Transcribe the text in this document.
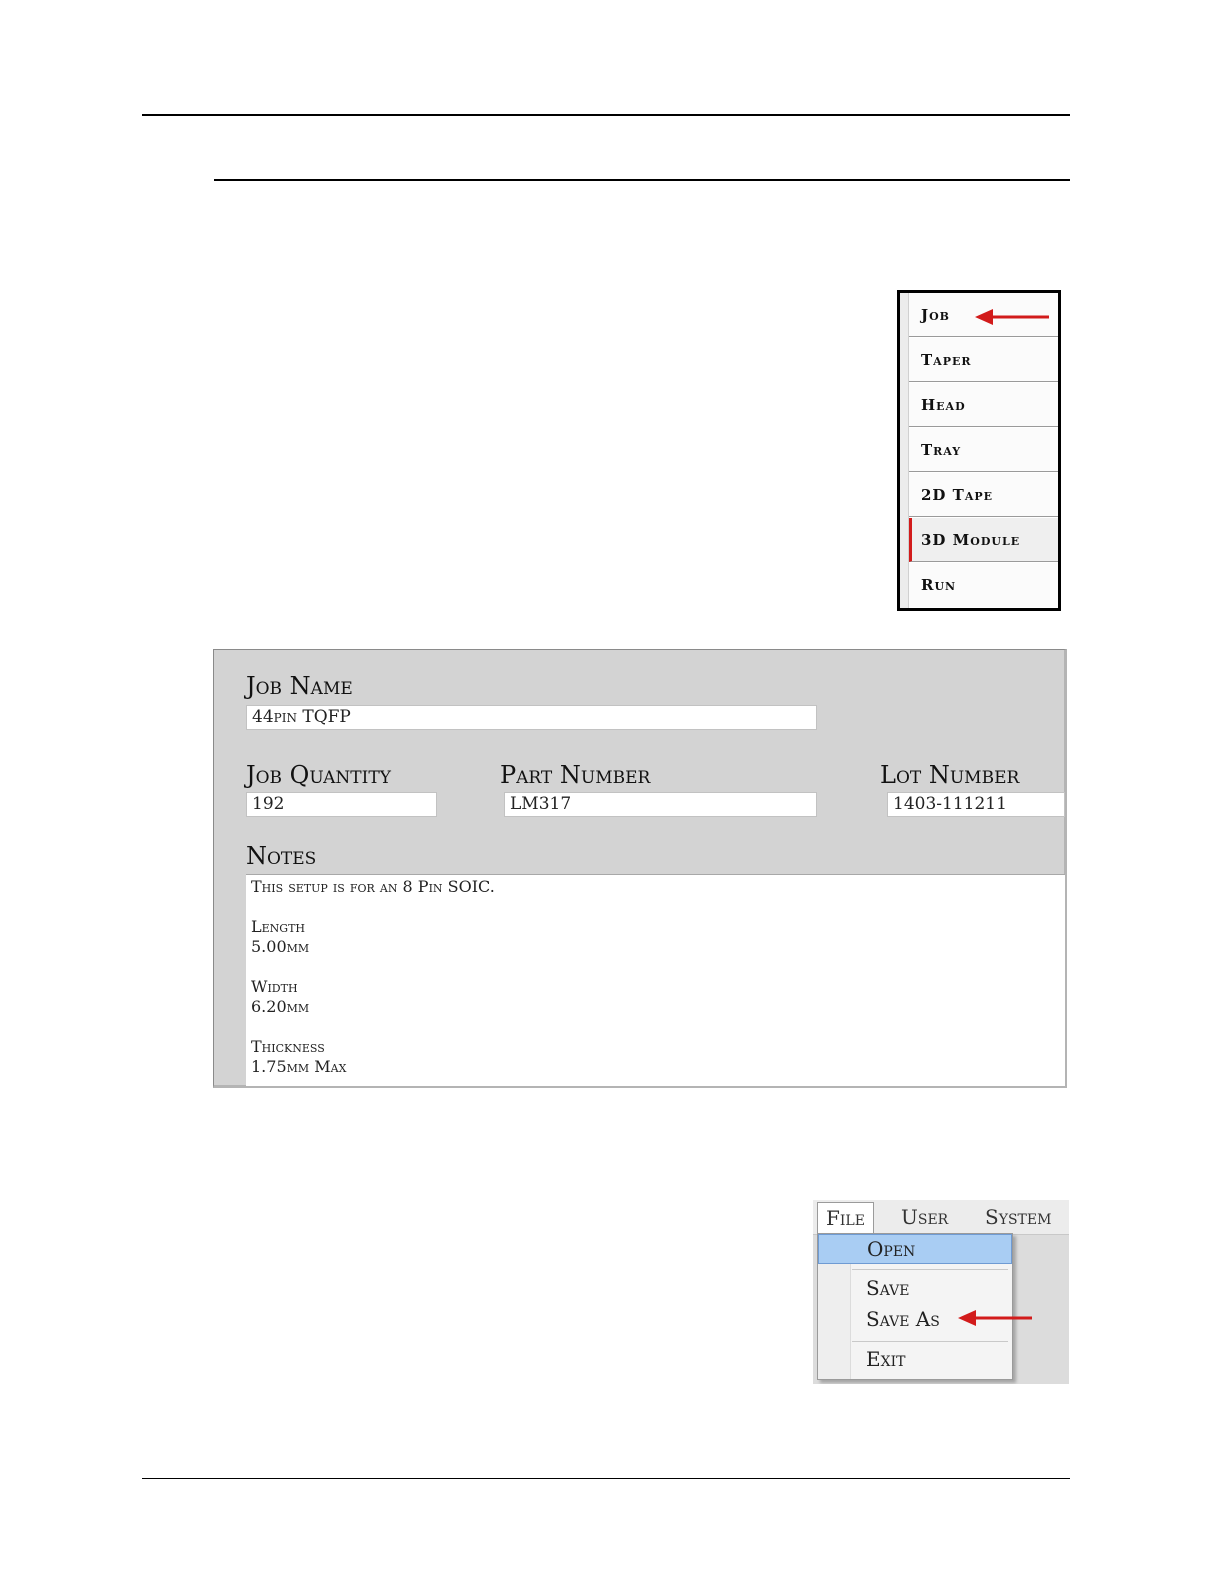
Job
Taper
Head
Tray
2D Tape
3D Module
Run
Job Name
44pin TQFP
Job Quantity
192
Part Number
LM317
Lot Number
1403-111211
Notes
This setup is for an 8 Pin SOIC.
Length
5.00mm
Width
6.20mm
Thickness
1.75mm Max
File	User	System
Open
Save
Save As
Exit
